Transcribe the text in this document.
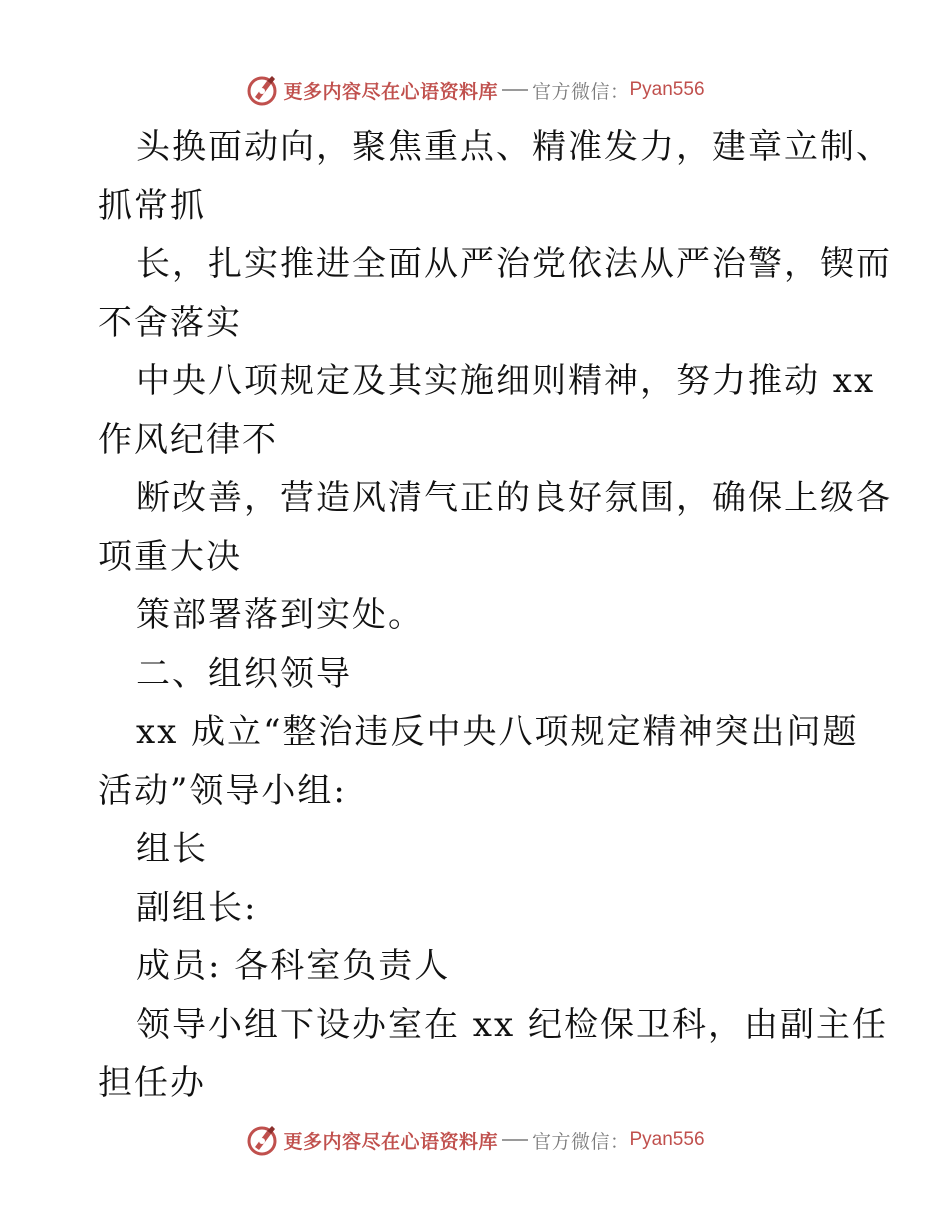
更多内容尽在心语资料库 官方微信： Pyan556
头换面动向，聚焦重点、精准发力，建章立制、
抓常抓
长，扎实推进全面从严治党依法从严治警，锲而
不舍落实
中央八项规定及其实施细则精神，努力推动 xx
作风纪律不
断改善，营造风清气正的良好氛围，确保上级各
项重大决
策部署落到实处。
二、组织领导
xx 成立“整治违反中央八项规定精神突出问题
活动”领导小组:
组长
副组长:
成员: 各科室负责人
领导小组下设办室在 xx 纪检保卫科，由副主任
担任办
更多内容尽在心语资料库 官方微信： Pyan556
